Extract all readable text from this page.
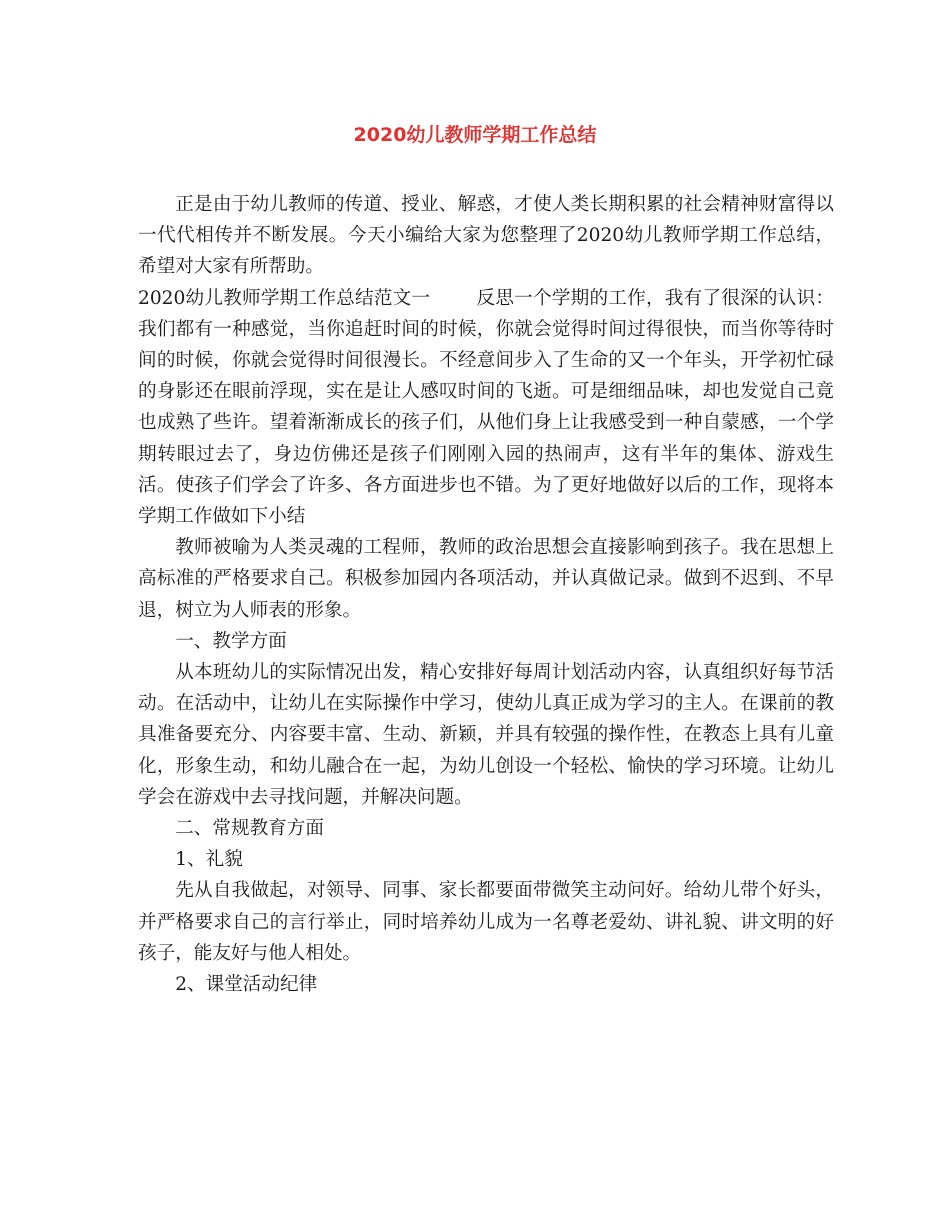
2020幼儿教师学期工作总结

正是由于幼儿教师的传道、授业、解惑，才使人类长期积累的社会精神财富得以一代代相传并不断发展。今天小编给大家为您整理了2020幼儿教师学期工作总结，希望对大家有所帮助。

2020幼儿教师学期工作总结范文一 反思一个学期的工作，我有了很深的认识：我们都有一种感觉，当你追赶时间的时候，你就会觉得时间过得很快，而当你等待时间的时候，你就会觉得时间很漫长。不经意间步入了生命的又一个年头，开学初忙碌的身影还在眼前浮现，实在是让人感叹时间的飞逝。可是细细品味，却也发觉自己竟也成熟了些许。望着渐渐成长的孩子们，从他们身上让我感受到一种自蒙感，一个学期转眼过去了，身边仿佛还是孩子们刚刚入园的热闹声，这有半年的集体、游戏生活。使孩子们学会了许多、各方面进步也不错。为了更好地做好以后的工作，现将本学期工作做如下小结

教师被喻为人类灵魂的工程师，教师的政治思想会直接影响到孩子。我在思想上高标准的严格要求自己。积极参加园内各项活动，并认真做记录。做到不迟到、不早退，树立为人师表的形象。

一、教学方面

从本班幼儿的实际情况出发，精心安排好每周计划活动内容，认真组织好每节活动。在活动中，让幼儿在实际操作中学习，使幼儿真正成为学习的主人。在课前的教具准备要充分、内容要丰富、生动、新颖，并具有较强的操作性，在教态上具有儿童化，形象生动，和幼儿融合在一起，为幼儿创设一个轻松、愉快的学习环境。让幼儿学会在游戏中去寻找问题，并解决问题。

二、常规教育方面

1、礼貌

先从自我做起，对领导、同事、家长都要面带微笑主动问好。给幼儿带个好头，并严格要求自己的言行举止，同时培养幼儿成为一名尊老爱幼、讲礼貌、讲文明的好孩子，能友好与他人相处。

2、课堂活动纪律
